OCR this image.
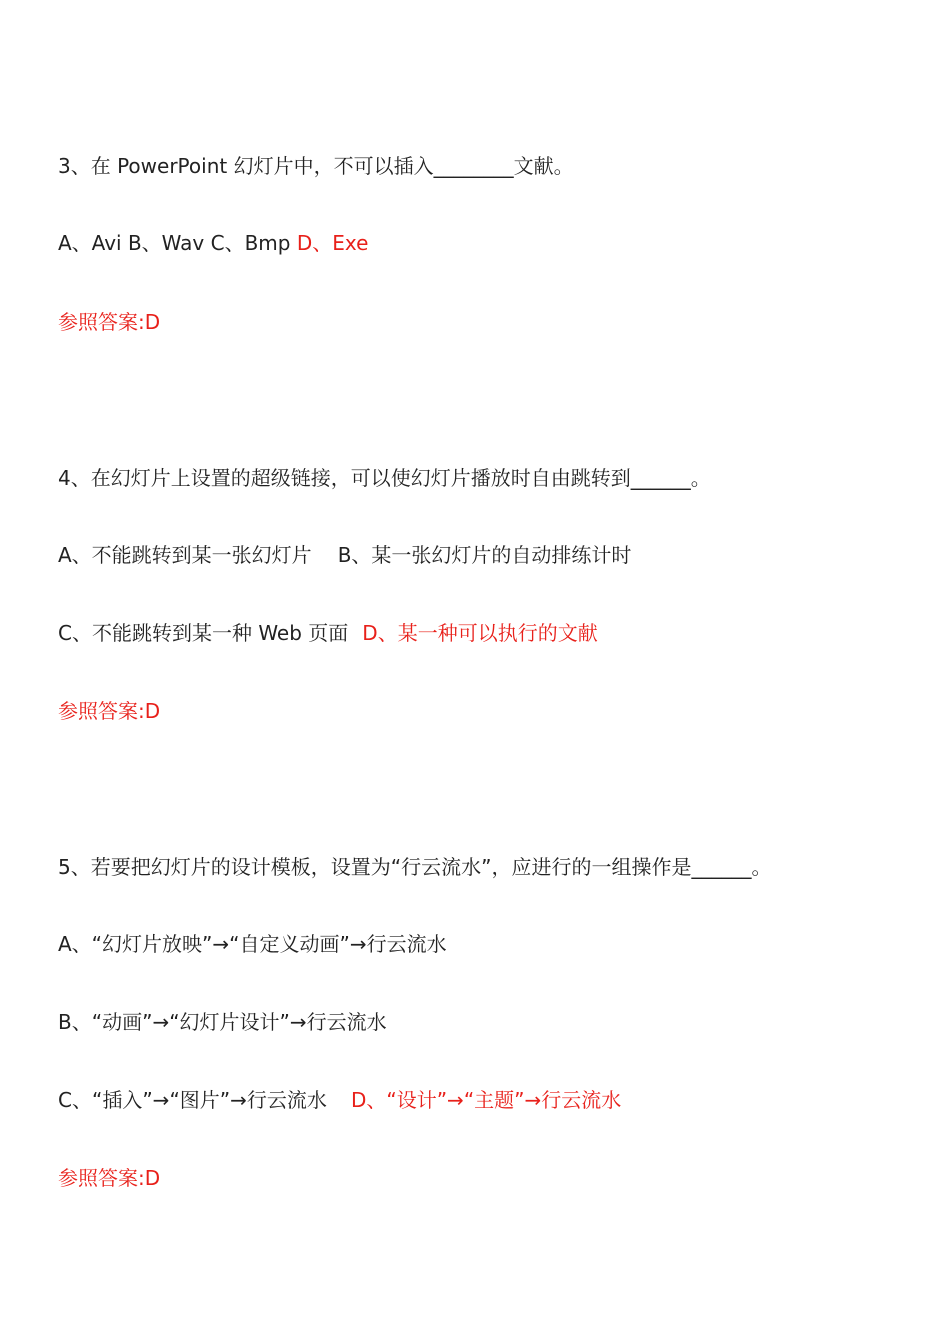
3、在 PowerPoint 幻灯片中，不可以插入________文献。
A、Avi B、Wav C、Bmp D、Exe
参照答案:D
4、在幻灯片上设置的超级链接，可以使幻灯片播放时自由跳转到______。
A、不能跳转到某一张幻灯片 B、某一张幻灯片的自动排练计时
C、不能跳转到某一种 Web 页面 D、某一种可以执行的文献
参照答案:D
5、若要把幻灯片的设计模板，设置为“行云流水”，应进行的一组操作是______。
A、“幻灯片放映”→“自定义动画”→行云流水
B、“动画”→“幻灯片设计”→行云流水
C、“插入”→“图片”→行云流水 D、“设计”→“主题”→行云流水
参照答案:D
